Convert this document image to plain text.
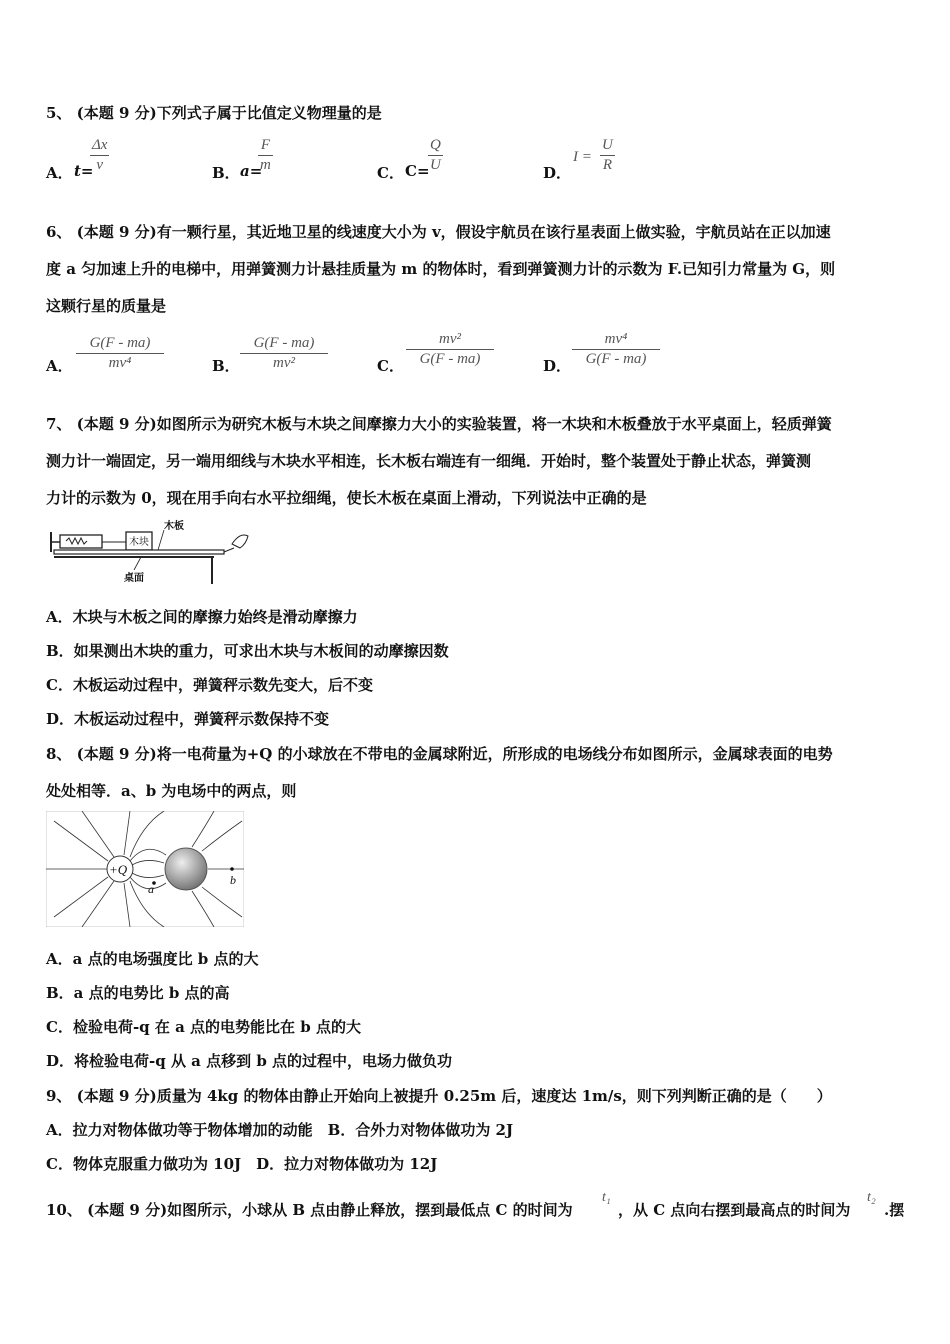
5、 (本题 9 分)下列式子属于比值定义物理量的是
A． t=
Δx
v	B． a=
F
m	C． C=
Q
U	D．
I =
U
R
6、 (本题 9 分)有一颗行星，其近地卫星的线速度大小为 v，假设宇航员在该行星表面上做实验，宇航员站在正以加速
度 a 匀加速上升的电梯中，用弹簧测力计悬挂质量为 m 的物体时，看到弹簧测力计的示数为 F.已知引力常量为 G，则
这颗行星的质量是
A．
G(F - ma)
mv⁴	B．
G(F - ma)
mv²	C．
mv²
G(F - ma)	D．
mv⁴
G(F - ma)
7、 (本题 9 分)如图所示为研究木板与木块之间摩擦力大小的实验装置，将一木块和木板叠放于水平桌面上，轻质弹簧
测力计一端固定，另一端用细线与木块水平相连，长木板右端连有一细绳．开始时，整个装置处于静止状态，弹簧测
力计的示数为 0，现在用手向右水平拉细绳，使长木板在桌面上滑动，下列说法中正确的是
木块
木板
桌面
A．木块与木板之间的摩擦力始终是滑动摩擦力
B．如果测出木块的重力，可求出木块与木板间的动摩擦因数
C．木板运动过程中，弹簧秤示数先变大，后不变
D．木板运动过程中，弹簧秤示数保持不变
8、 (本题 9 分)将一电荷量为+Q 的小球放在不带电的金属球附近，所形成的电场线分布如图所示，金属球表面的电势
处处相等．a、b 为电场中的两点，则
+Q
a
b
A．a 点的电场强度比 b 点的大
B．a 点的电势比 b 点的高
C．检验电荷-q 在 a 点的电势能比在 b 点的大
D．将检验电荷-q 从 a 点移到 b 点的过程中，电场力做负功
9、 (本题 9 分)质量为 4kg 的物体由静止开始向上被提升 0.25m 后，速度达 1m/s，则下列判断正确的是（　　）
A．拉力对物体做功等于物体增加的动能　B．合外力对物体做功为 2J
C．物体克服重力做功为 10J　D．拉力对物体做功为 12J
10、 (本题 9 分)如图所示，小球从 B 点由静止释放，摆到最低点 C 的时间为
t₁
，从 C 点向右摆到最高点的时间为
t₂
.摆
